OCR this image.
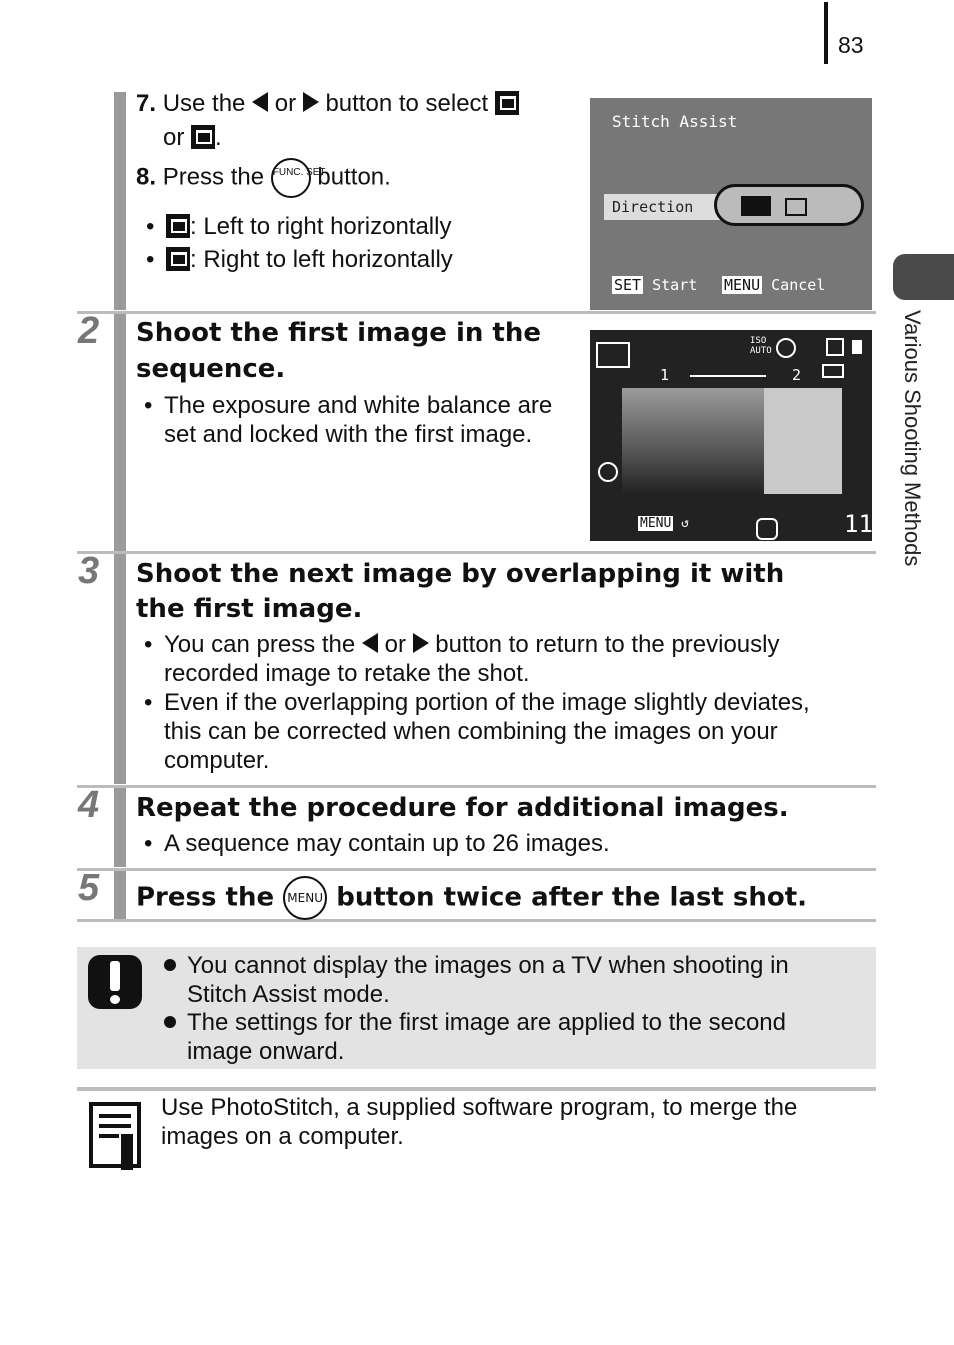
83
Various Shooting Methods
7. Use the or button to select
or .
8. Press the FUNC. SET button.
• : Left to right horizontally
• : Right to left horizontally
Stitch Assist
Direction
SET Start MENU Cancel
2 Shoot the first image in the
sequence.
• The exposure and white balance are
set and locked with the first image.
ISO AUTO
1	2
MENU ↺	11
3 Shoot the next image by overlapping it with
the first image.
• You can press the or button to return to the previously
recorded image to retake the shot.
• Even if the overlapping portion of the image slightly deviates,
this can be corrected when combining the images on your
computer.
4 Repeat the procedure for additional images.
• A sequence may contain up to 26 images.
5 Press the MENU button twice after the last shot.
You cannot display the images on a TV when shooting in
Stitch Assist mode.
The settings for the first image are applied to the second
image onward.
Use PhotoStitch, a supplied software program, to merge the
images on a computer.
